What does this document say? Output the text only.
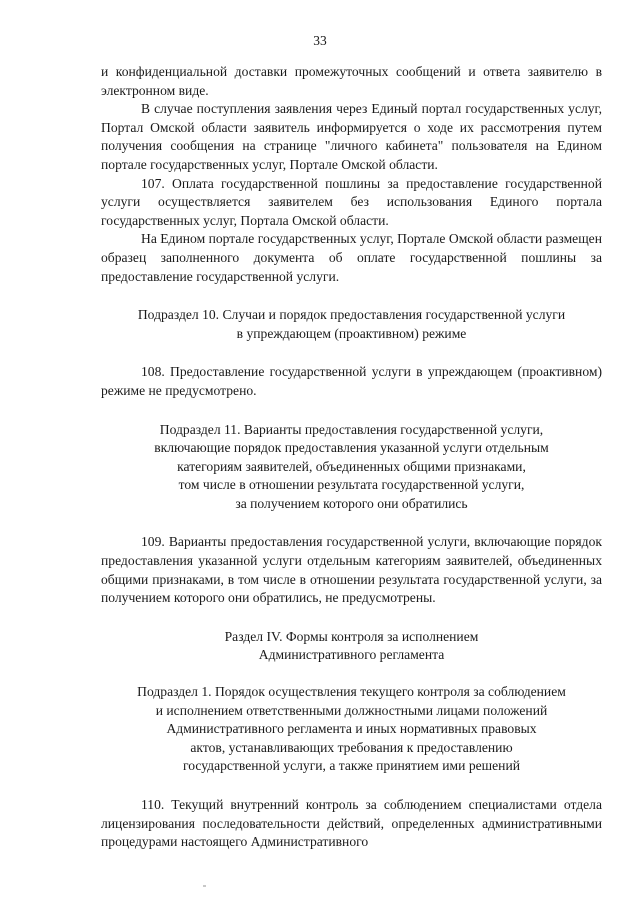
33

и конфиденциальной доставки промежуточных сообщений и ответа заявителю в электронном виде.

В случае поступления заявления через Единый портал государственных услуг, Портал Омской области заявитель информируется о ходе их рассмотрения путем получения сообщения на странице "личного кабинета" пользователя на Едином портале государственных услуг, Портале Омской области.

107. Оплата государственной пошлины за предоставление государственной услуги осуществляется заявителем без использования Единого портала государственных услуг, Портала Омской области.

На Едином портале государственных услуг, Портале Омской области размещен образец заполненного документа об оплате государственной пошлины за предоставление государственной услуги.

Подраздел 10. Случаи и порядок предоставления государственной услуги
в упреждающем (проактивном) режиме

108. Предоставление государственной услуги в упреждающем (проактивном) режиме не предусмотрено.

Подраздел 11. Варианты предоставления государственной услуги,
включающие порядок предоставления указанной услуги отдельным
категориям заявителей, объединенных общими признаками,
том числе в отношении результата государственной услуги,
за получением которого они обратились

109. Варианты предоставления государственной услуги, включающие порядок предоставления указанной услуги отдельным категориям заявителей, объединенных общими признаками, в том числе в отношении результата государственной услуги, за получением которого они обратились, не предусмотрены.

Раздел IV. Формы контроля за исполнением
Административного регламента

Подраздел 1. Порядок осуществления текущего контроля за соблюдением
и исполнением ответственными должностными лицами положений
Административного регламента и иных нормативных правовых
актов, устанавливающих требования к предоставлению
государственной услуги, а также принятием ими решений

110. Текущий внутренний контроль за соблюдением специалистами отдела лицензирования последовательности действий, определенных административными процедурами настоящего Административного
